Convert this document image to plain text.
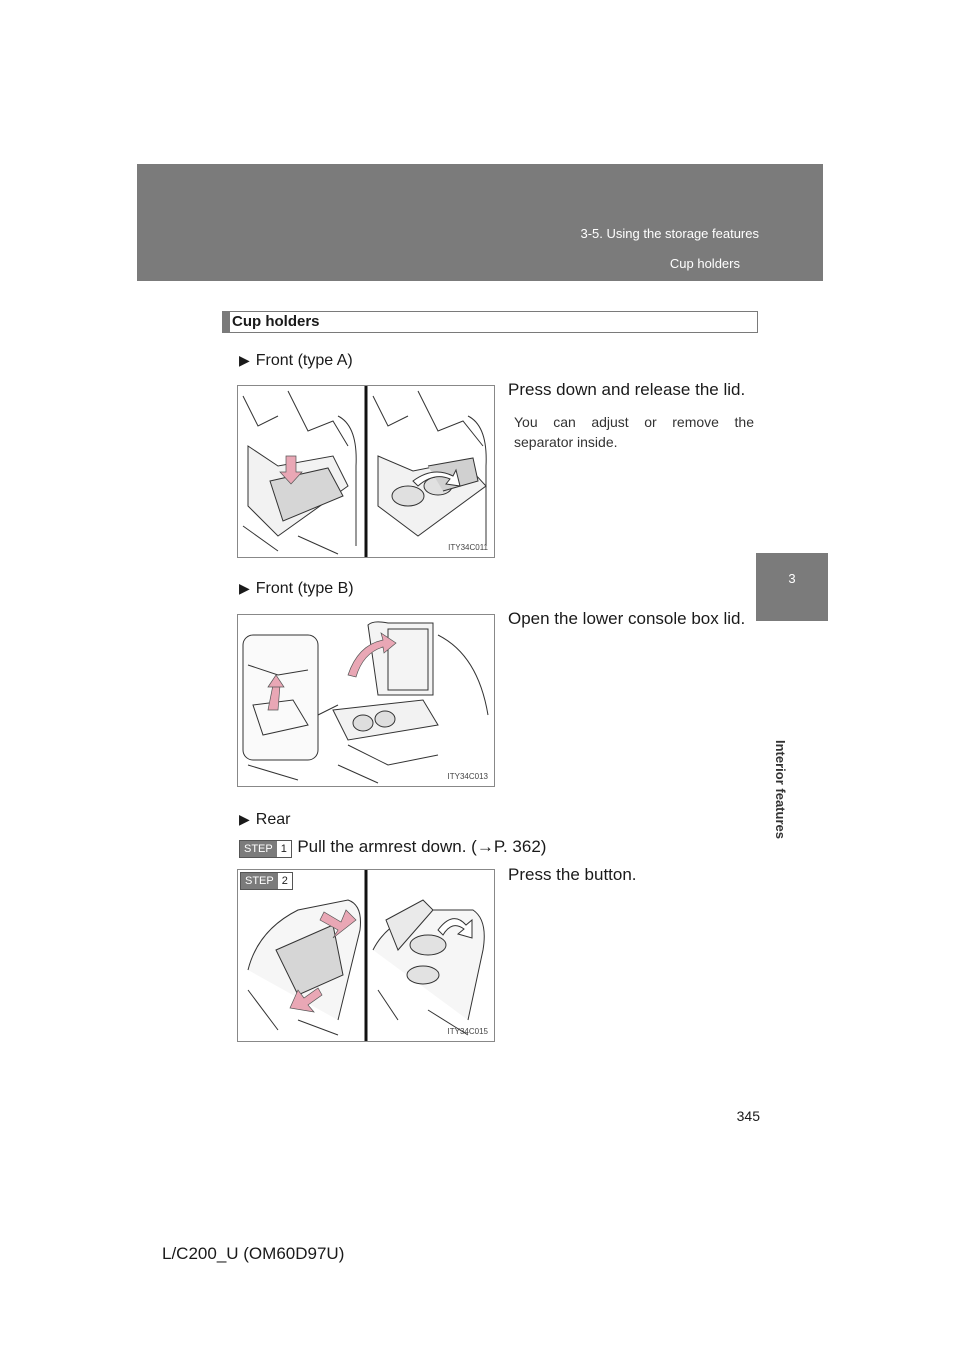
3-5. Using the storage features
Cup holders
3
Interior features
Cup holders
▶ Front (type A)
Press down and release the lid.
You can adjust or remove the separator inside.
ITY34C011
▶ Front (type B)
Open the lower console box lid.
ITY34C013
▶ Rear
STEP 1 Pull the armrest down. (→P. 362)
Press the button.
STEP 2
ITY34C015
345
L/C200_U (OM60D97U)
